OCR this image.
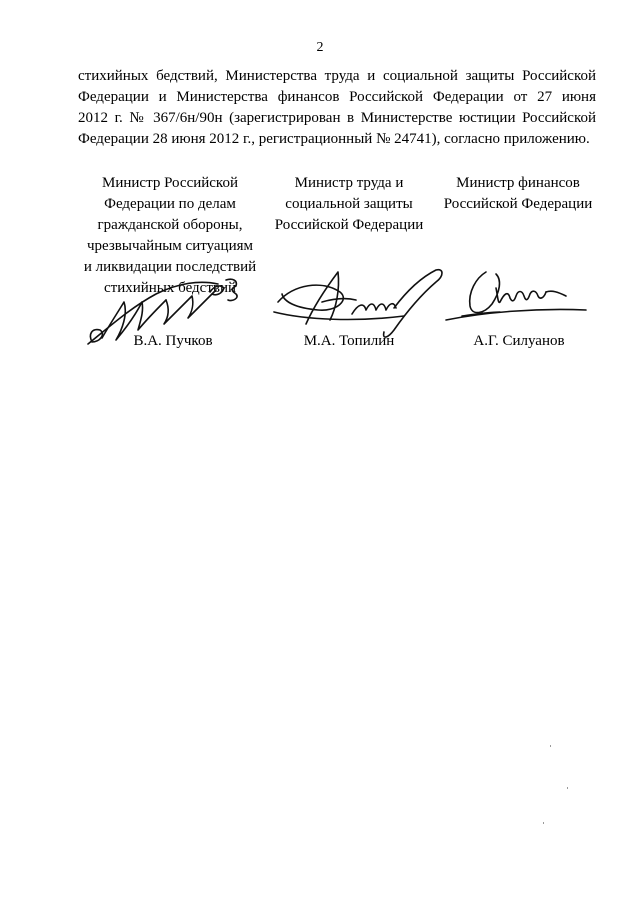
2

стихийных бедствий, Министерства труда и социальной защиты Российской
Федерации и Министерства финансов Российской Федерации от 27 июня
2012 г. № 367/6н/90н (зарегистрирован в Министерстве юстиции Российской
Федерации 28 июня 2012 г., регистрационный № 24741), согласно приложению.

Министр Российской
Федерации по делам
гражданской обороны,
чрезвычайным ситуациям
и ликвидации последствий
стихийных бедствий
Министр труда и
социальной защиты
Российской Федерации
Министр финансов
Российской Федерации
В.А. Пучков	М.А. Топилин	А.Г. Силуанов
